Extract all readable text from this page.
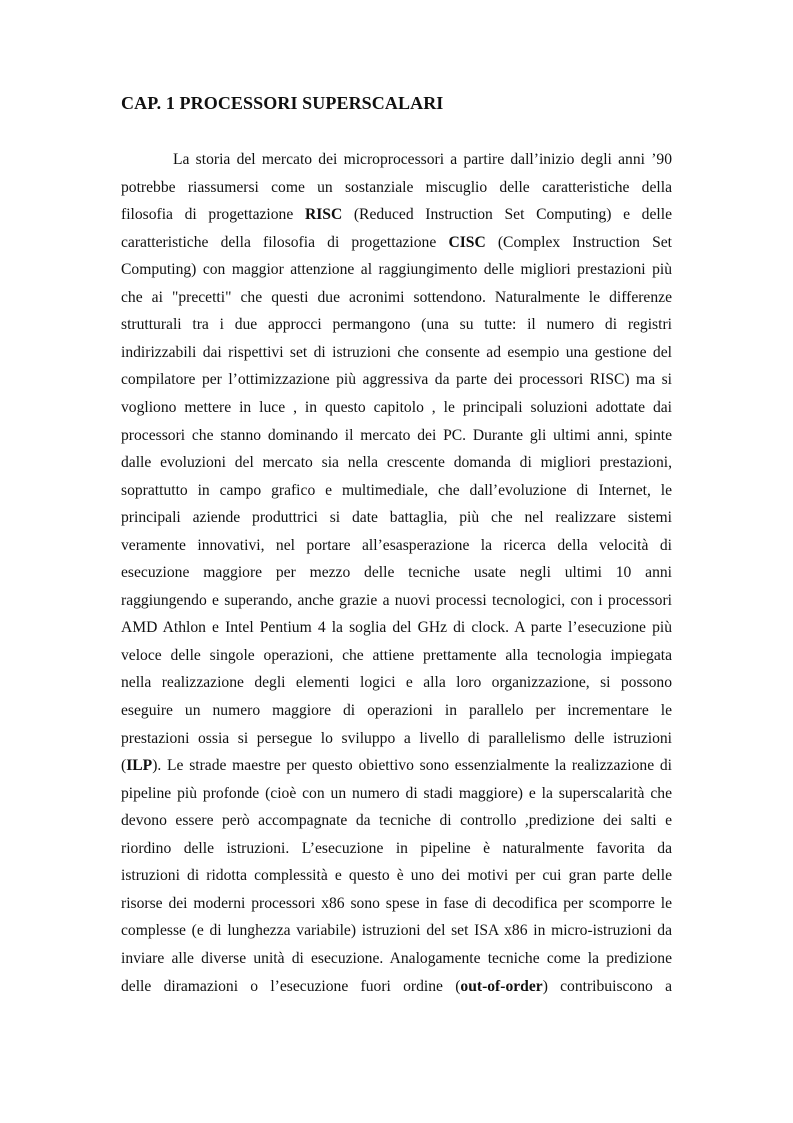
CAP. 1 PROCESSORI SUPERSCALARI
La storia del mercato dei microprocessori a partire dall’inizio degli anni ’90
potrebbe riassumersi come un sostanziale miscuglio delle caratteristiche della
filosofia di progettazione RISC (Reduced Instruction Set Computing) e delle
caratteristiche della filosofia di progettazione CISC (Complex Instruction Set
Computing) con maggior attenzione al raggiungimento delle migliori prestazioni più
che ai "precetti" che questi due acronimi sottendono. Naturalmente le differenze
strutturali tra i due approcci permangono (una su tutte: il numero di registri
indirizzabili dai rispettivi set di istruzioni che consente ad esempio una gestione del
compilatore per l’ottimizzazione più aggressiva da parte dei processori RISC) ma si
vogliono mettere in luce , in questo capitolo , le principali soluzioni adottate dai
processori che stanno dominando il mercato dei PC. Durante gli ultimi anni, spinte
dalle evoluzioni del mercato sia nella crescente domanda di migliori prestazioni,
soprattutto in campo grafico e multimediale, che dall’evoluzione di Internet, le
principali aziende produttrici si date battaglia, più che nel realizzare sistemi
veramente innovativi, nel portare all’esasperazione la ricerca della velocità di
esecuzione maggiore per mezzo delle tecniche usate negli ultimi 10 anni
raggiungendo e superando, anche grazie a nuovi processi tecnologici, con i processori
AMD Athlon e Intel Pentium 4 la soglia del GHz di clock. A parte l’esecuzione più
veloce delle singole operazioni, che attiene prettamente alla tecnologia impiegata
nella realizzazione degli elementi logici e alla loro organizzazione, si possono
eseguire un numero maggiore di operazioni in parallelo per incrementare le
prestazioni ossia si persegue lo sviluppo a livello di parallelismo delle istruzioni
(ILP). Le strade maestre per questo obiettivo sono essenzialmente la realizzazione di
pipeline più profonde (cioè con un numero di stadi maggiore) e la superscalarità che
devono essere però accompagnate da tecniche di controllo ,predizione dei salti e
riordino delle istruzioni. L’esecuzione in pipeline è naturalmente favorita da
istruzioni di ridotta complessità e questo è uno dei motivi per cui gran parte delle
risorse dei moderni processori x86 sono spese in fase di decodifica per scomporre le
complesse (e di lunghezza variabile) istruzioni del set ISA x86 in micro-istruzioni da
inviare alle diverse unità di esecuzione. Analogamente tecniche come la predizione
delle diramazioni o l’esecuzione fuori ordine (out-of-order) contribuiscono a
